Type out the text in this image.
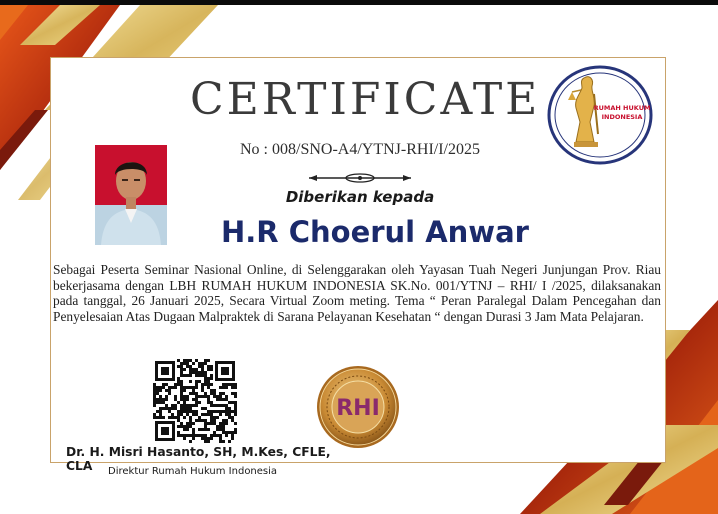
CERTIFICATE
No : 008/SNO-A4/YTNJ-RHI/I/2025
Diberikan kepada
H.R Choerul Anwar
Sebagai Peserta Seminar Nasional Online, di Selenggarakan oleh Yayasan Tuah Negeri Junjungan Prov. Riau bekerjasama dengan LBH RUMAH HUKUM INDONESIA SK.No. 001/YTNJ – RHI/ I /2025, dilaksanakan pada tanggal, 26 Januari 2025, Secara Virtual Zoom meting. Tema “ Peran Paralegal Dalam Pencegahan dan Penyelesaian Atas Dugaan Malpraktek di Sarana Pelayanan Kesehatan “ dengan Durasi 3 Jam Mata Pelajaran.
RUMAH HUKUM
INDONESIA
RHI
Dr. H. Misri Hasanto, SH, M.Kes, CFLE, CLA	Direktur Rumah Hukum Indonesia
